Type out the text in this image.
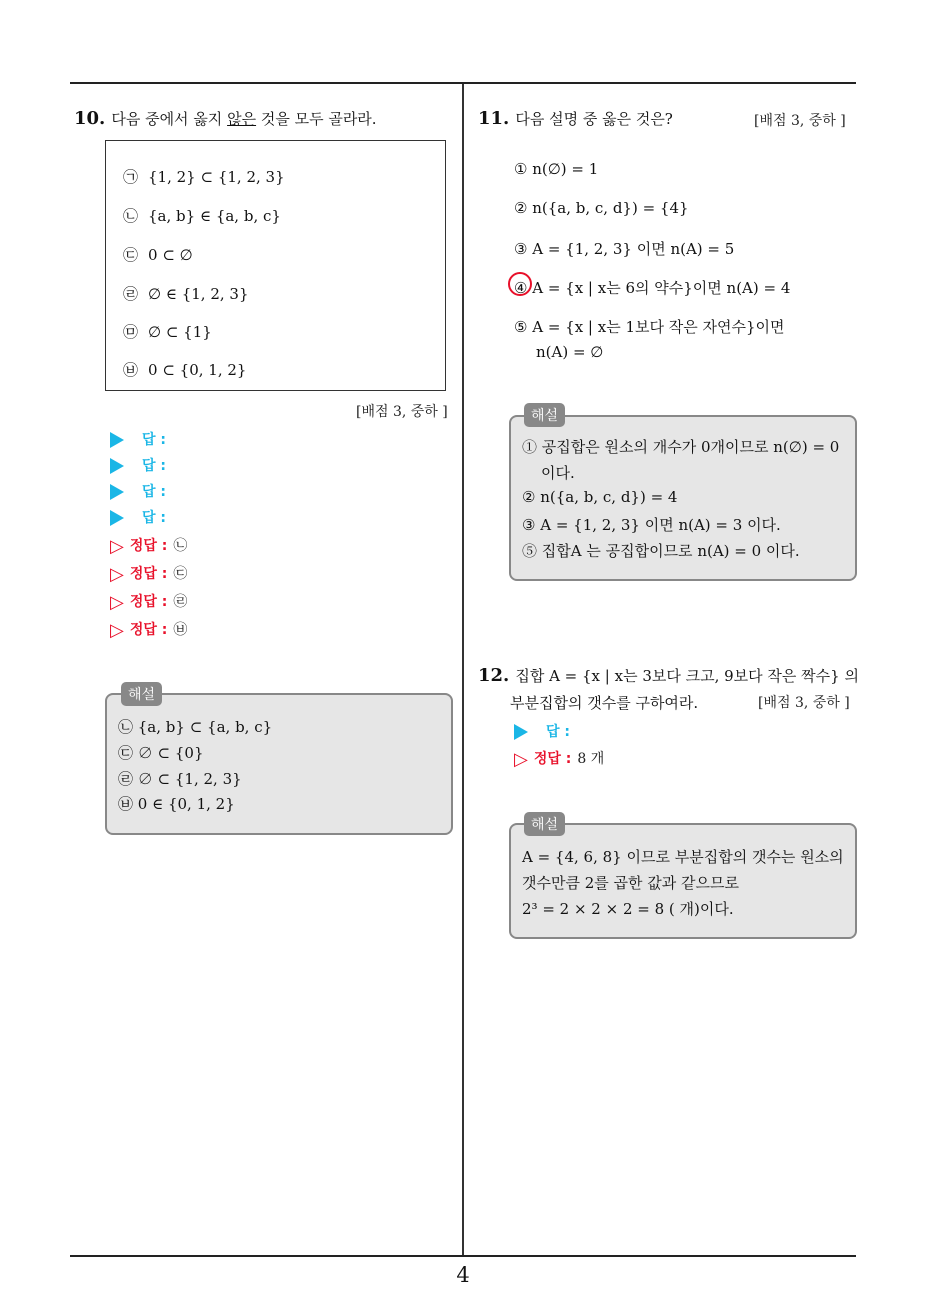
10. 다음 중에서 옳지 않은 것을 모두 골라라.
㉠ {1, 2} ⊂ {1, 2, 3}
㉡ {a, b} ∈ {a, b, c}
㉢ 0 ⊂ ∅
㉣ ∅ ∈ {1, 2, 3}
㉤ ∅ ⊂ {1}
㉥ 0 ⊂ {0, 1, 2}
[배점 3, 중하 ]
답 :
답 :
답 :
답 :
▷ 정답 : ㉡
▷ 정답 : ㉢
▷ 정답 : ㉣
▷ 정답 : ㉥
해설
㉡ {a, b} ⊂ {a, b, c}
㉢ ∅ ⊂ {0}
㉣ ∅ ⊂ {1, 2, 3}
㉥ 0 ∈ {0, 1, 2}
11. 다음 설명 중 옳은 것은?	[배점 3, 중하 ]
① n(∅) = 1
② n({a, b, c, d}) = {4}
③ A = {1, 2, 3} 이면 n(A) = 5
④ A = {x | x는 6의 약수}이면 n(A) = 4
⑤ A = {x | x는 1보다 작은 자연수}이면
n(A) = ∅
해설
① 공집합은 원소의 개수가 0개이므로 n(∅) = 0
이다.
② n({a, b, c, d}) = 4
③ A = {1, 2, 3} 이면 n(A) = 3 이다.
⑤ 집합A 는 공집합이므로 n(A) = 0 이다.
12. 집합 A = {x | x는 3보다 크고, 9보다 작은 짝수} 의
부분집합의 갯수를 구하여라.	[배점 3, 중하 ]
답 :
▷ 정답 : 8 개
해설
A = {4, 6, 8} 이므로 부분집합의 갯수는 원소의
갯수만큼 2를 곱한 값과 같으므로
2³ = 2 × 2 × 2 = 8 ( 개)이다.
4
